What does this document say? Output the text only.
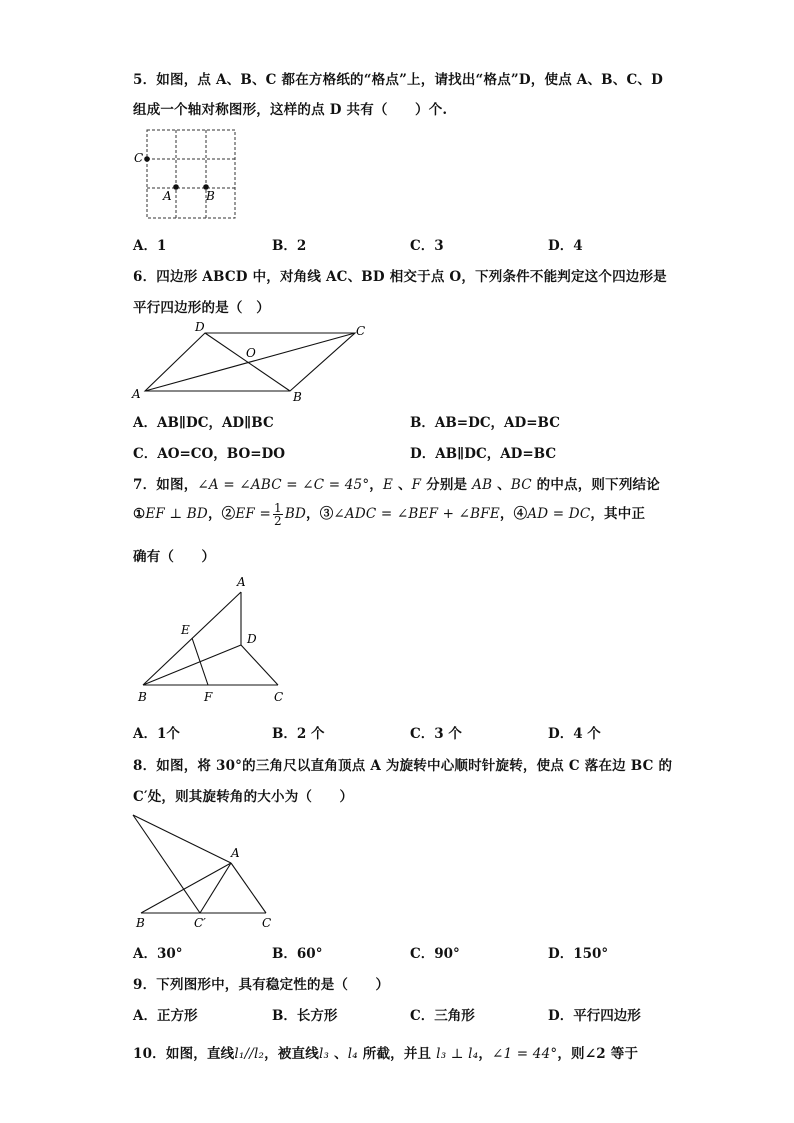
5．如图，点 A、B、C 都在方格纸的“格点”上，请找出“格点”D，使点 A、B、C、D
组成一个轴对称图形，这样的点 D 共有（　　）个.
C
A	B
A．1	B．2	C．3	D．4
6．四边形 ABCD 中，对角线 AC、BD 相交于点 O，下列条件不能判定这个四边形是
平行四边形的是（　）
D	C
O
A	B
A．AB∥DC，AD∥BC	B．AB=DC，AD=BC
C．AO=CO，BO=DO	D．AB∥DC，AD=BC
7．如图，∠A = ∠ABC = ∠C = 45°，E 、F 分别是 AB 、BC 的中点，则下列结论
①EF ⊥ BD，②EF = $\frac{1}{2}$ BD，③∠ADC = ∠BEF + ∠BFE，④AD = DC，其中正
确有（　　）
A
E
D
B	F	C
A．1个	B．2 个	C．3 个	D．4 个
8．如图，将 30°的三角尺以直角顶点 A 为旋转中心顺时针旋转，使点 C 落在边 BC 的
C′处，则其旋转角的大小为（　　）
A
B	C′	C
A．30°	B．60°	C．90°	D．150°
9．下列图形中，具有稳定性的是（　　）
A．正方形	B．长方形	C．三角形	D．平行四边形
10．如图，直线l₁//l₂，被直线l₃ 、l₄ 所截，并且 l₃ ⊥ l₄，∠1 = 44°，则∠2 等于
